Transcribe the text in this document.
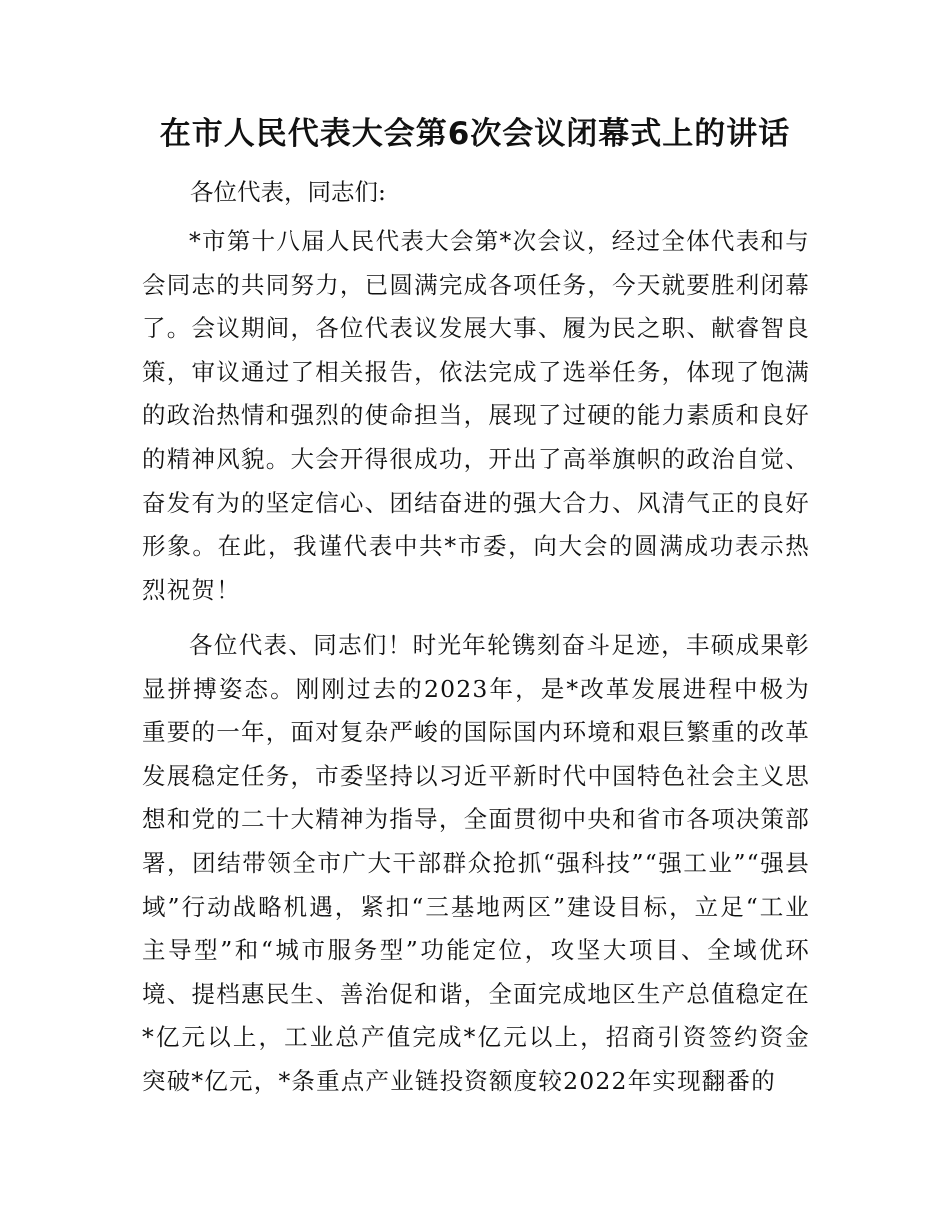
在市人民代表大会第6次会议闭幕式上的讲话

各位代表，同志们:

*市第十八届人民代表大会第*次会议，经过全体代表和与会同志的共同努力，已圆满完成各项任务，今天就要胜利闭幕了。会议期间，各位代表议发展大事、履为民之职、献睿智良策，审议通过了相关报告，依法完成了选举任务，体现了饱满的政治热情和强烈的使命担当，展现了过硬的能力素质和良好的精神风貌。大会开得很成功，开出了高举旗帜的政治自觉、奋发有为的坚定信心、团结奋进的强大合力、风清气正的良好形象。在此，我谨代表中共*市委，向大会的圆满成功表示热烈祝贺！

各位代表、同志们！时光年轮镌刻奋斗足迹，丰硕成果彰显拼搏姿态。刚刚过去的2023年，是*改革发展进程中极为重要的一年，面对复杂严峻的国际国内环境和艰巨繁重的改革发展稳定任务，市委坚持以习近平新时代中国特色社会主义思想和党的二十大精神为指导，全面贯彻中央和省市各项决策部署，团结带领全市广大干部群众抢抓“强科技”“强工业”“强县域”行动战略机遇，紧扣“三基地两区”建设目标，立足“工业主导型”和“城市服务型”功能定位，攻坚大项目、全域优环境、提档惠民生、善治促和谐，全面完成地区生产总值稳定在*亿元以上，工业总产值完成*亿元以上，招商引资签约资金突破*亿元，*条重点产业链投资额度较2022年实现翻番的
